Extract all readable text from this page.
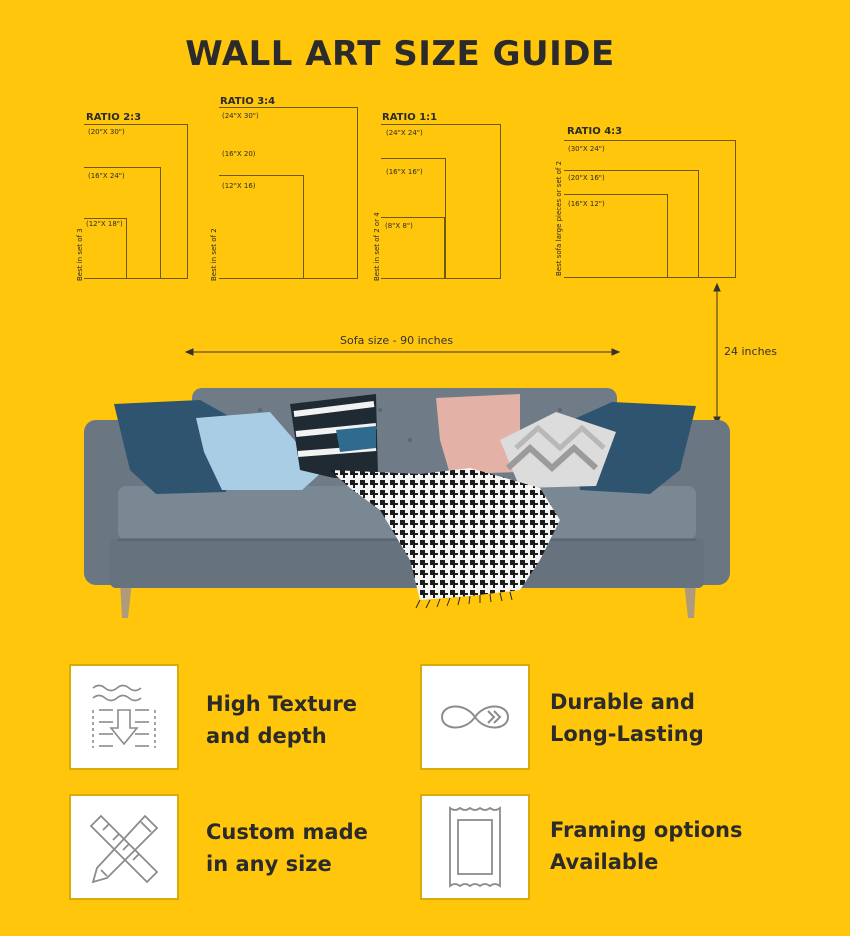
WALL ART SIZE GUIDE
RATIO 2:3
(20"X 30")
(16"X 24")
(12"X 18")
Best in set of 3
RATIO 3:4
(24"X 30")
(16"X 20)
(12"X 16)
Best in set of 2
RATIO 1:1
(24"X 24")
(16"X 16")
(8"X 8")
Best in set of 2 or 4
RATIO 4:3
(30"X 24")
(20"X 16")
(16"X 12")
Best sofa large pieces or set of 2
Sofa size - 90 inches
24 inches
High Texture
and depth
Durable and
Long-Lasting
Custom made
in any size
Framing options
Available
